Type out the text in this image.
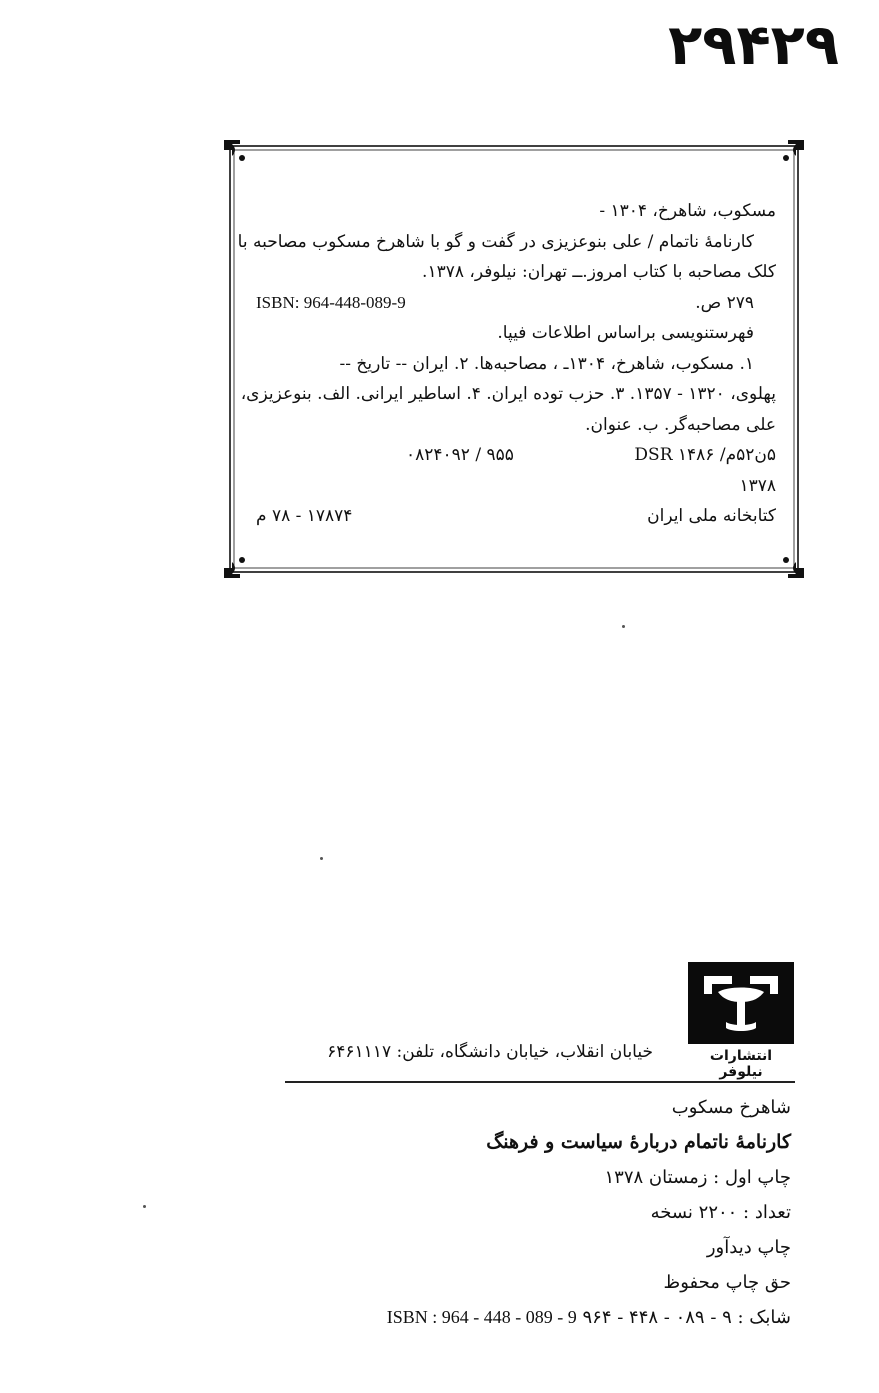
۲۹۴۲۹
مسکوب، شاهرخ، ۱۳۰۴ -
کارنامهٔ ناتمام / علی بنوعزیزی در گفت و گو با شاهرخ مسکوب مصاحبه با
کلک مصاحبه با کتاب امروز.ــ تهران: نیلوفر، ۱۳۷۸.
۲۷۹ ص.
ISBN: 964-448-089-9
فهرستنویسی براساس اطلاعات فیپا.
۱. مسکوب، شاهرخ، ۱۳۰۴ـ ، مصاحبه‌ها. ۲. ایران -- تاریخ --
پهلوی، ۱۳۲۰ - ۱۳۵۷. ۳. حزب توده ایران. ۴. اساطیر ایرانی. الف. بنوعزیزی،
علی مصاحبه‌گر. ب. عنوان.
۵ن۵۲م/ DSR ۱۴۸۶
۹۵۵ / ۰۸۲۴۰۹۲
۱۳۷۸
کتابخانه ملی ایران
۱۷۸۷۴ - ۷۸ م
انتشارات نیلوفر
خیابان انقلاب، خیابان دانشگاه، تلفن: ۶۴۶۱۱۱۷
شاهرخ مسکوب
کارنامهٔ ناتمام دربارهٔ سیاست و فرهنگ
چاپ اول : زمستان ۱۳۷۸
تعداد : ۲۲۰۰ نسخه
چاپ دیدآور
حق چاپ محفوظ
شابک : ۹ - ۰۸۹ - ۴۴۸ - ۹۶۴ ISBN : 964 - 448 - 089 - 9
